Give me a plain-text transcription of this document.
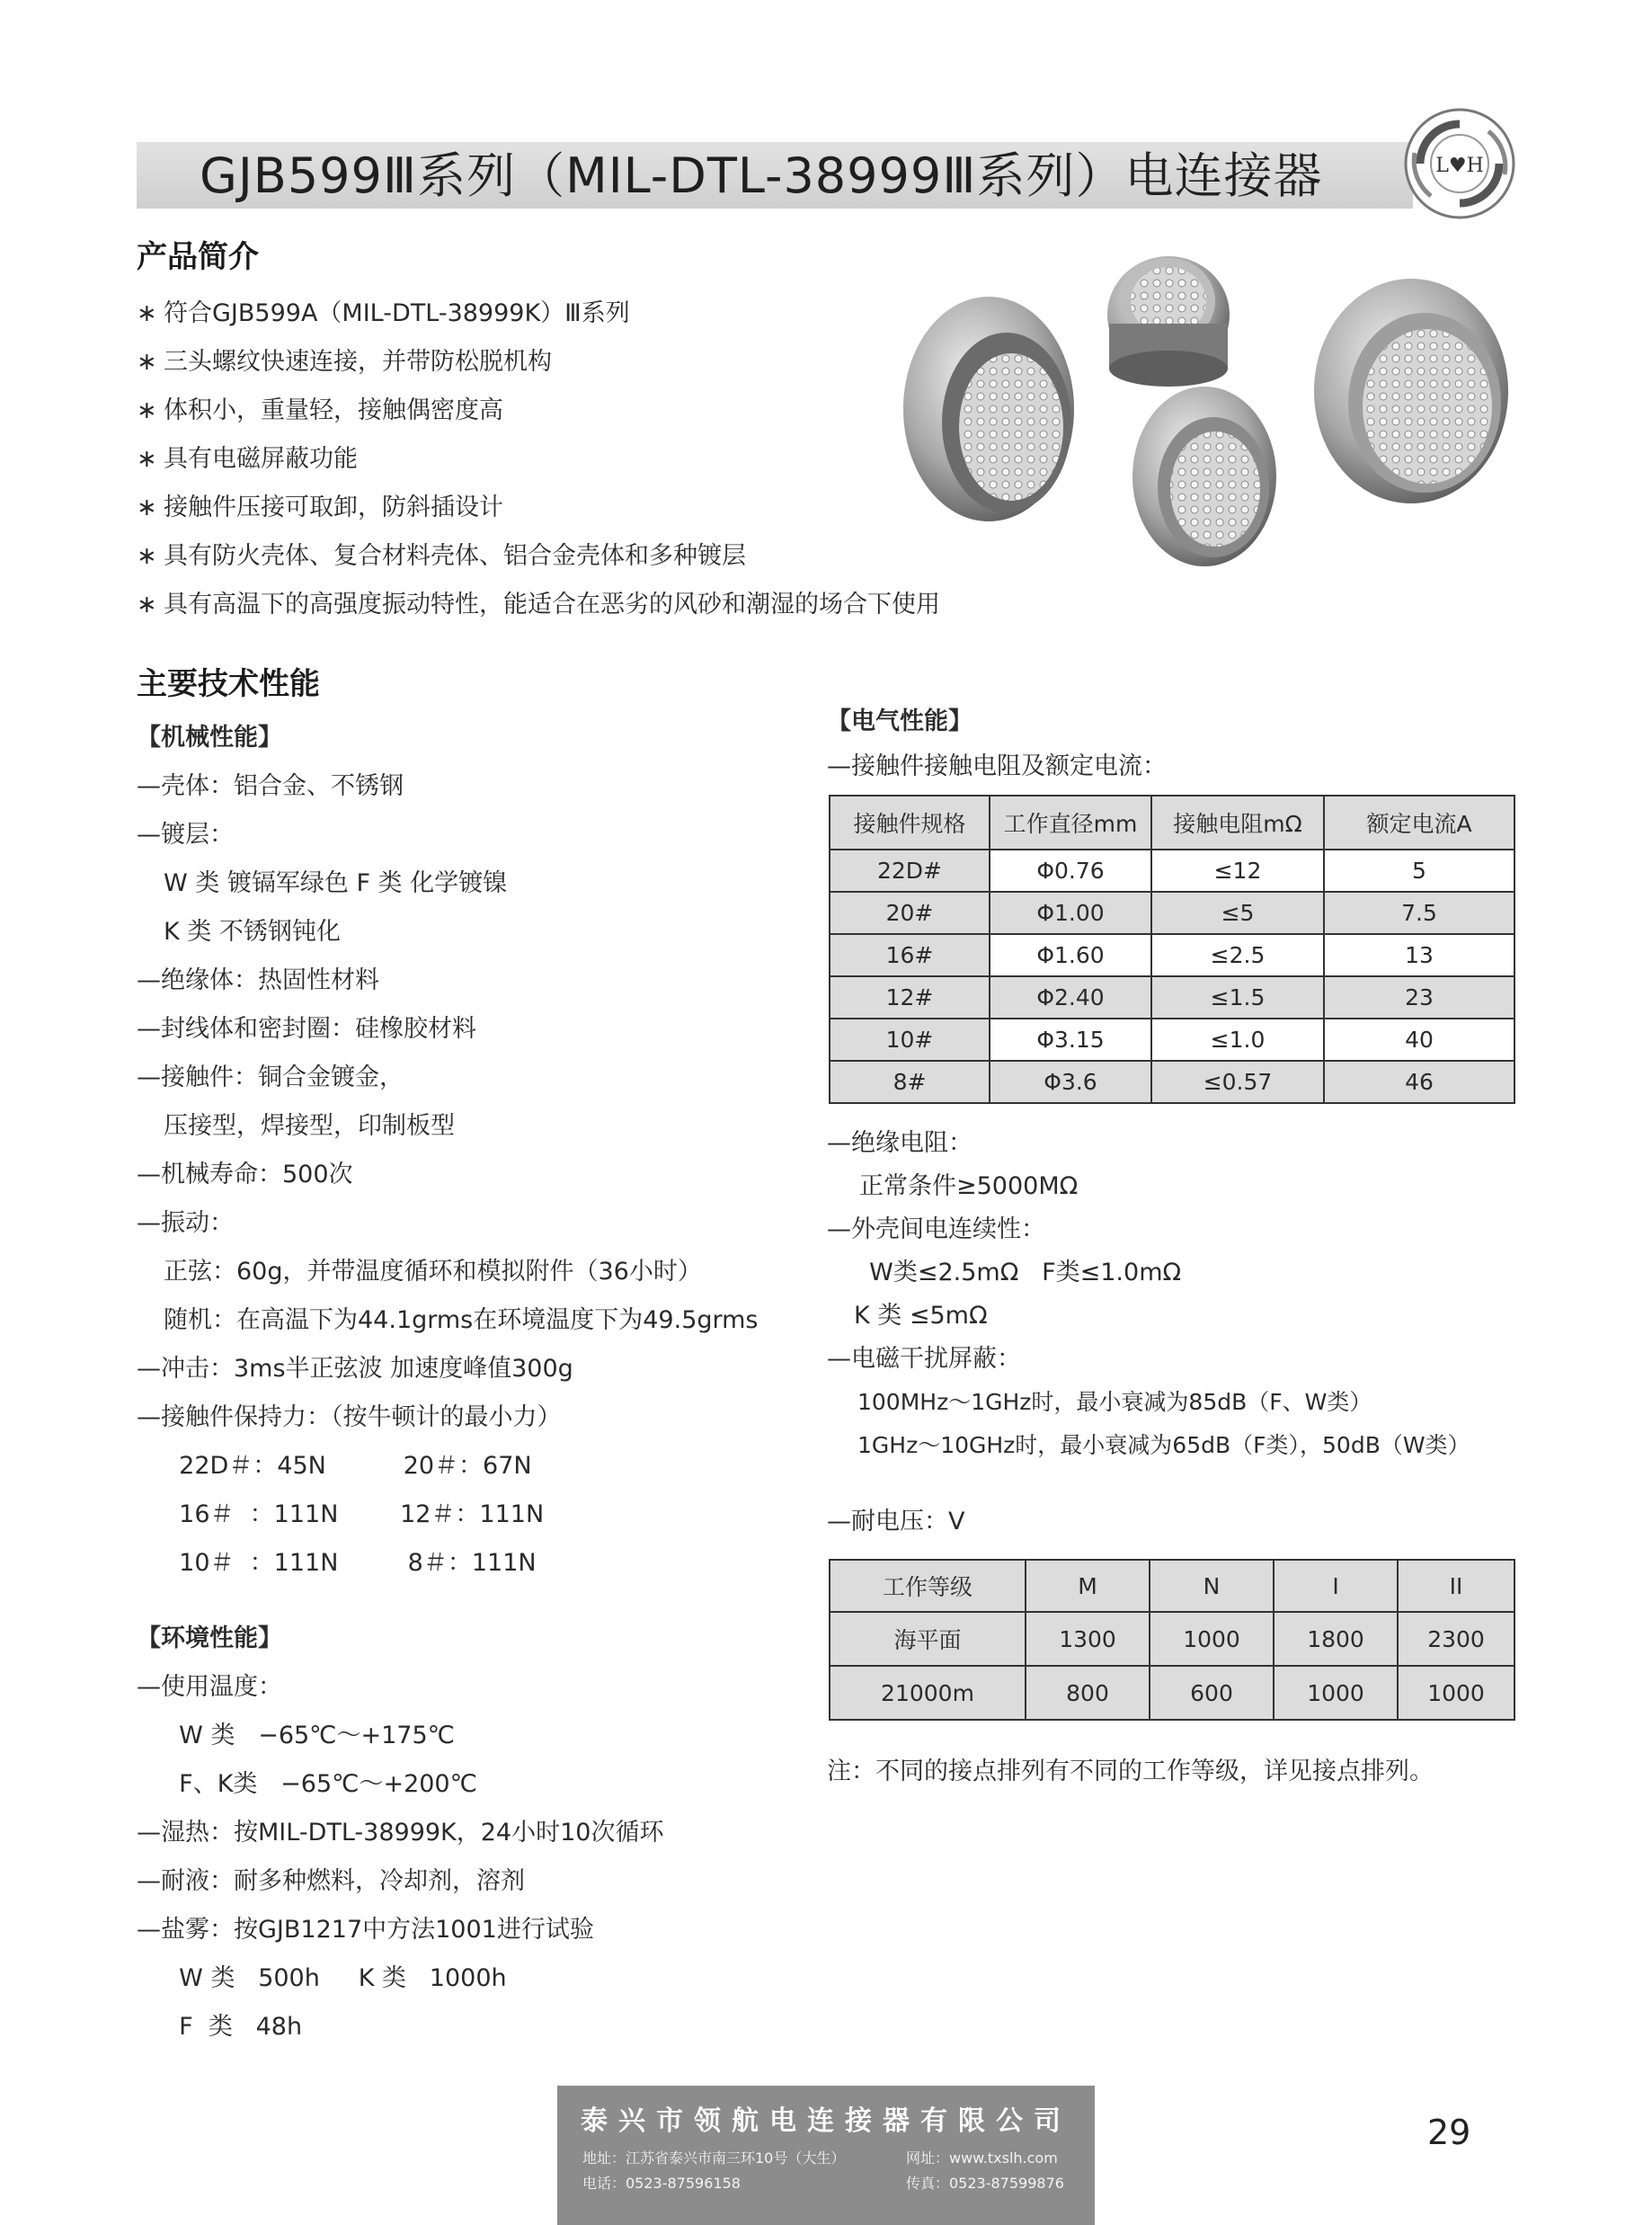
GJB599Ⅲ系列（MIL-DTL-38999Ⅲ系列）电连接器	L♥H
产品简介
∗ 符合GJB599A（MIL-DTL-38999K）Ⅲ系列
∗ 三头螺纹快速连接，并带防松脱机构
∗ 体积小，重量轻，接触偶密度高
∗ 具有电磁屏蔽功能
∗ 接触件压接可取卸，防斜插设计
∗ 具有防火壳体、复合材料壳体、铝合金壳体和多种镀层
∗ 具有高温下的高强度振动特性，能适合在恶劣的风砂和潮湿的场合下使用
主要技术性能
【机械性能】
—壳体：铝合金、不锈钢
—镀层：
W 类 镀镉军绿色 F 类 化学镀镍
K 类 不锈钢钝化
—绝缘体：热固性材料
—封线体和密封圈：硅橡胶材料
—接触件：铜合金镀金，
压接型，焊接型，印制板型
—机械寿命：500次
—振动：
正弦：60g，并带温度循环和模拟附件（36小时）
随机：在高温下为44.1grms在环境温度下为49.5grms
—冲击：3ms半正弦波 加速度峰值300g
—接触件保持力：（按牛顿计的最小力）
22D＃：45N          20＃：67N
16＃  ：111N        12＃：111N
10＃  ：111N         8＃：111N
【环境性能】
—使用温度：
W 类   −65℃～+175℃
F、K类   −65℃～+200℃
—湿热：按MIL-DTL-38999K，24小时10次循环
—耐液：耐多种燃料，冷却剂，溶剂
—盐雾：按GJB1217中方法1001进行试验
W 类   500h     K 类   1000h
F  类   48h
【电气性能】
—接触件接触电阻及额定电流：
接触件规格	工作直径mm	接触电阻mΩ	额定电流A
22D#	Φ0.76	≤12	5
20#	Φ1.00	≤5	7.5
16#	Φ1.60	≤2.5	13
12#	Φ2.40	≤1.5	23
10#	Φ3.15	≤1.0	40
8#	Φ3.6	≤0.57	46
—绝缘电阻：
正常条件≥5000MΩ
—外壳间电连续性：
W类≤2.5mΩ   F类≤1.0mΩ
K 类 ≤5mΩ
—电磁干扰屏蔽：
100MHz～1GHz时，最小衰减为85dB（F、W类）
1GHz～10GHz时，最小衰减为65dB（F类），50dB（W类）
—耐电压：V
工作等级	M	N	I	II
海平面	1300	1000	1800	2300
21000m	800	600	1000	1000
注：不同的接点排列有不同的工作等级，详见接点排列。
泰兴市领航电连接器有限公司
地址：江苏省泰兴市南三环10号（大生）	网址：www.txslh.com
电话：0523-87596158	传真：0523-87599876
29
